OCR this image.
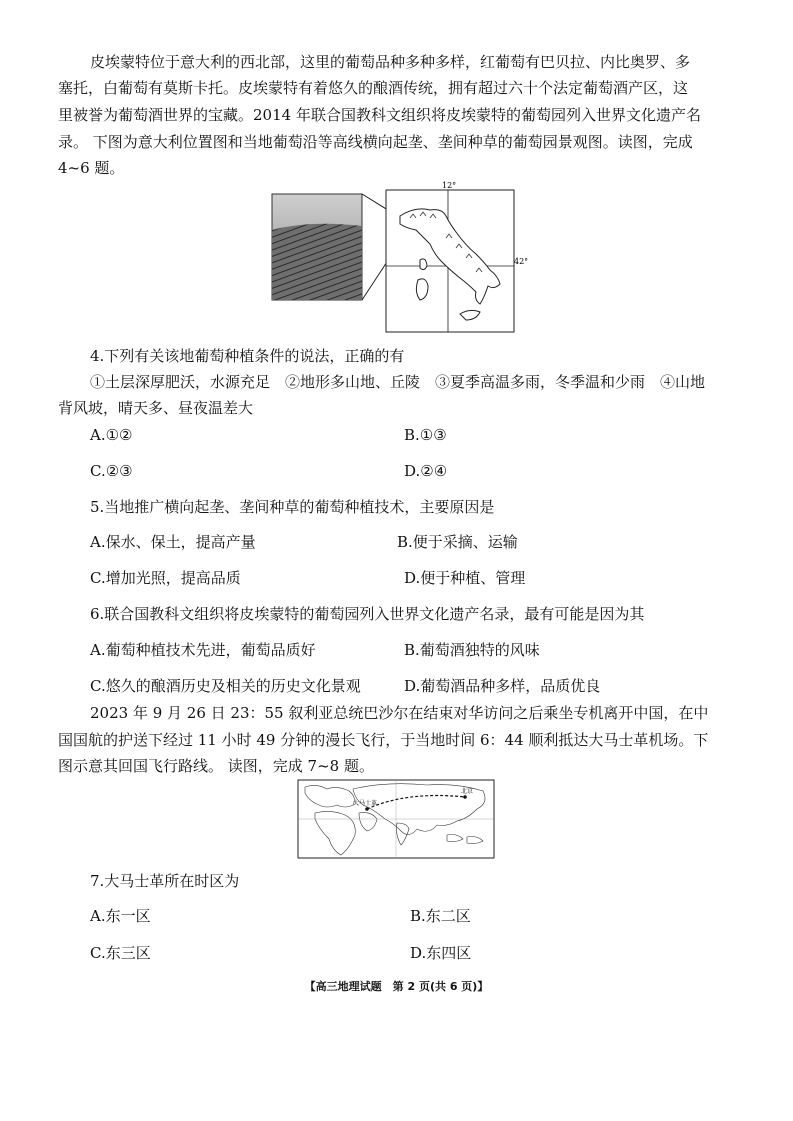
皮埃蒙特位于意大利的西北部，这里的葡萄品种多种多样，红葡萄有巴贝拉、内比奥罗、多
塞托，白葡萄有莫斯卡托。皮埃蒙特有着悠久的酿酒传统，拥有超过六十个法定葡萄酒产区，这
里被誉为葡萄酒世界的宝藏。2014 年联合国教科文组织将皮埃蒙特的葡萄园列入世界文化遗产名
录。 下图为意大利位置图和当地葡萄沿等高线横向起垄、垄间种草的葡萄园景观图。读图，完成
4~6 题。
12°
42°
4.下列有关该地葡萄种植条件的说法，正确的有
①土层深厚肥沃，水源充足　②地形多山地、丘陵　③夏季高温多雨，冬季温和少雨　④山地
背风坡，晴天多、昼夜温差大
A.①②	B.①③
C.②③	D.②④
5.当地推广横向起垄、垄间种草的葡萄种植技术，主要原因是
A.保水、保土，提高产量	B.便于采摘、运输
C.增加光照，提高品质	D.便于种植、管理
6.联合国教科文组织将皮埃蒙特的葡萄园列入世界文化遗产名录，最有可能是因为其
A.葡萄种植技术先进，葡萄品质好	B.葡萄酒独特的风味
C.悠久的酿酒历史及相关的历史文化景观	D.葡萄酒品种多样，品质优良
2023 年 9 月 26 日 23：55 叙利亚总统巴沙尔在结束对华访问之后乘坐专机离开中国，在中
国国航的护送下经过 11 小时 49 分钟的漫长飞行，于当地时间 6：44 顺利抵达大马士革机场。下
图示意其回国飞行路线。 读图，完成 7~8 题。
大马士革
北京
7.大马士革所在时区为
A.东一区	B.东二区
C.东三区	D.东四区
【高三地理试题　第 2 页(共 6 页)】
